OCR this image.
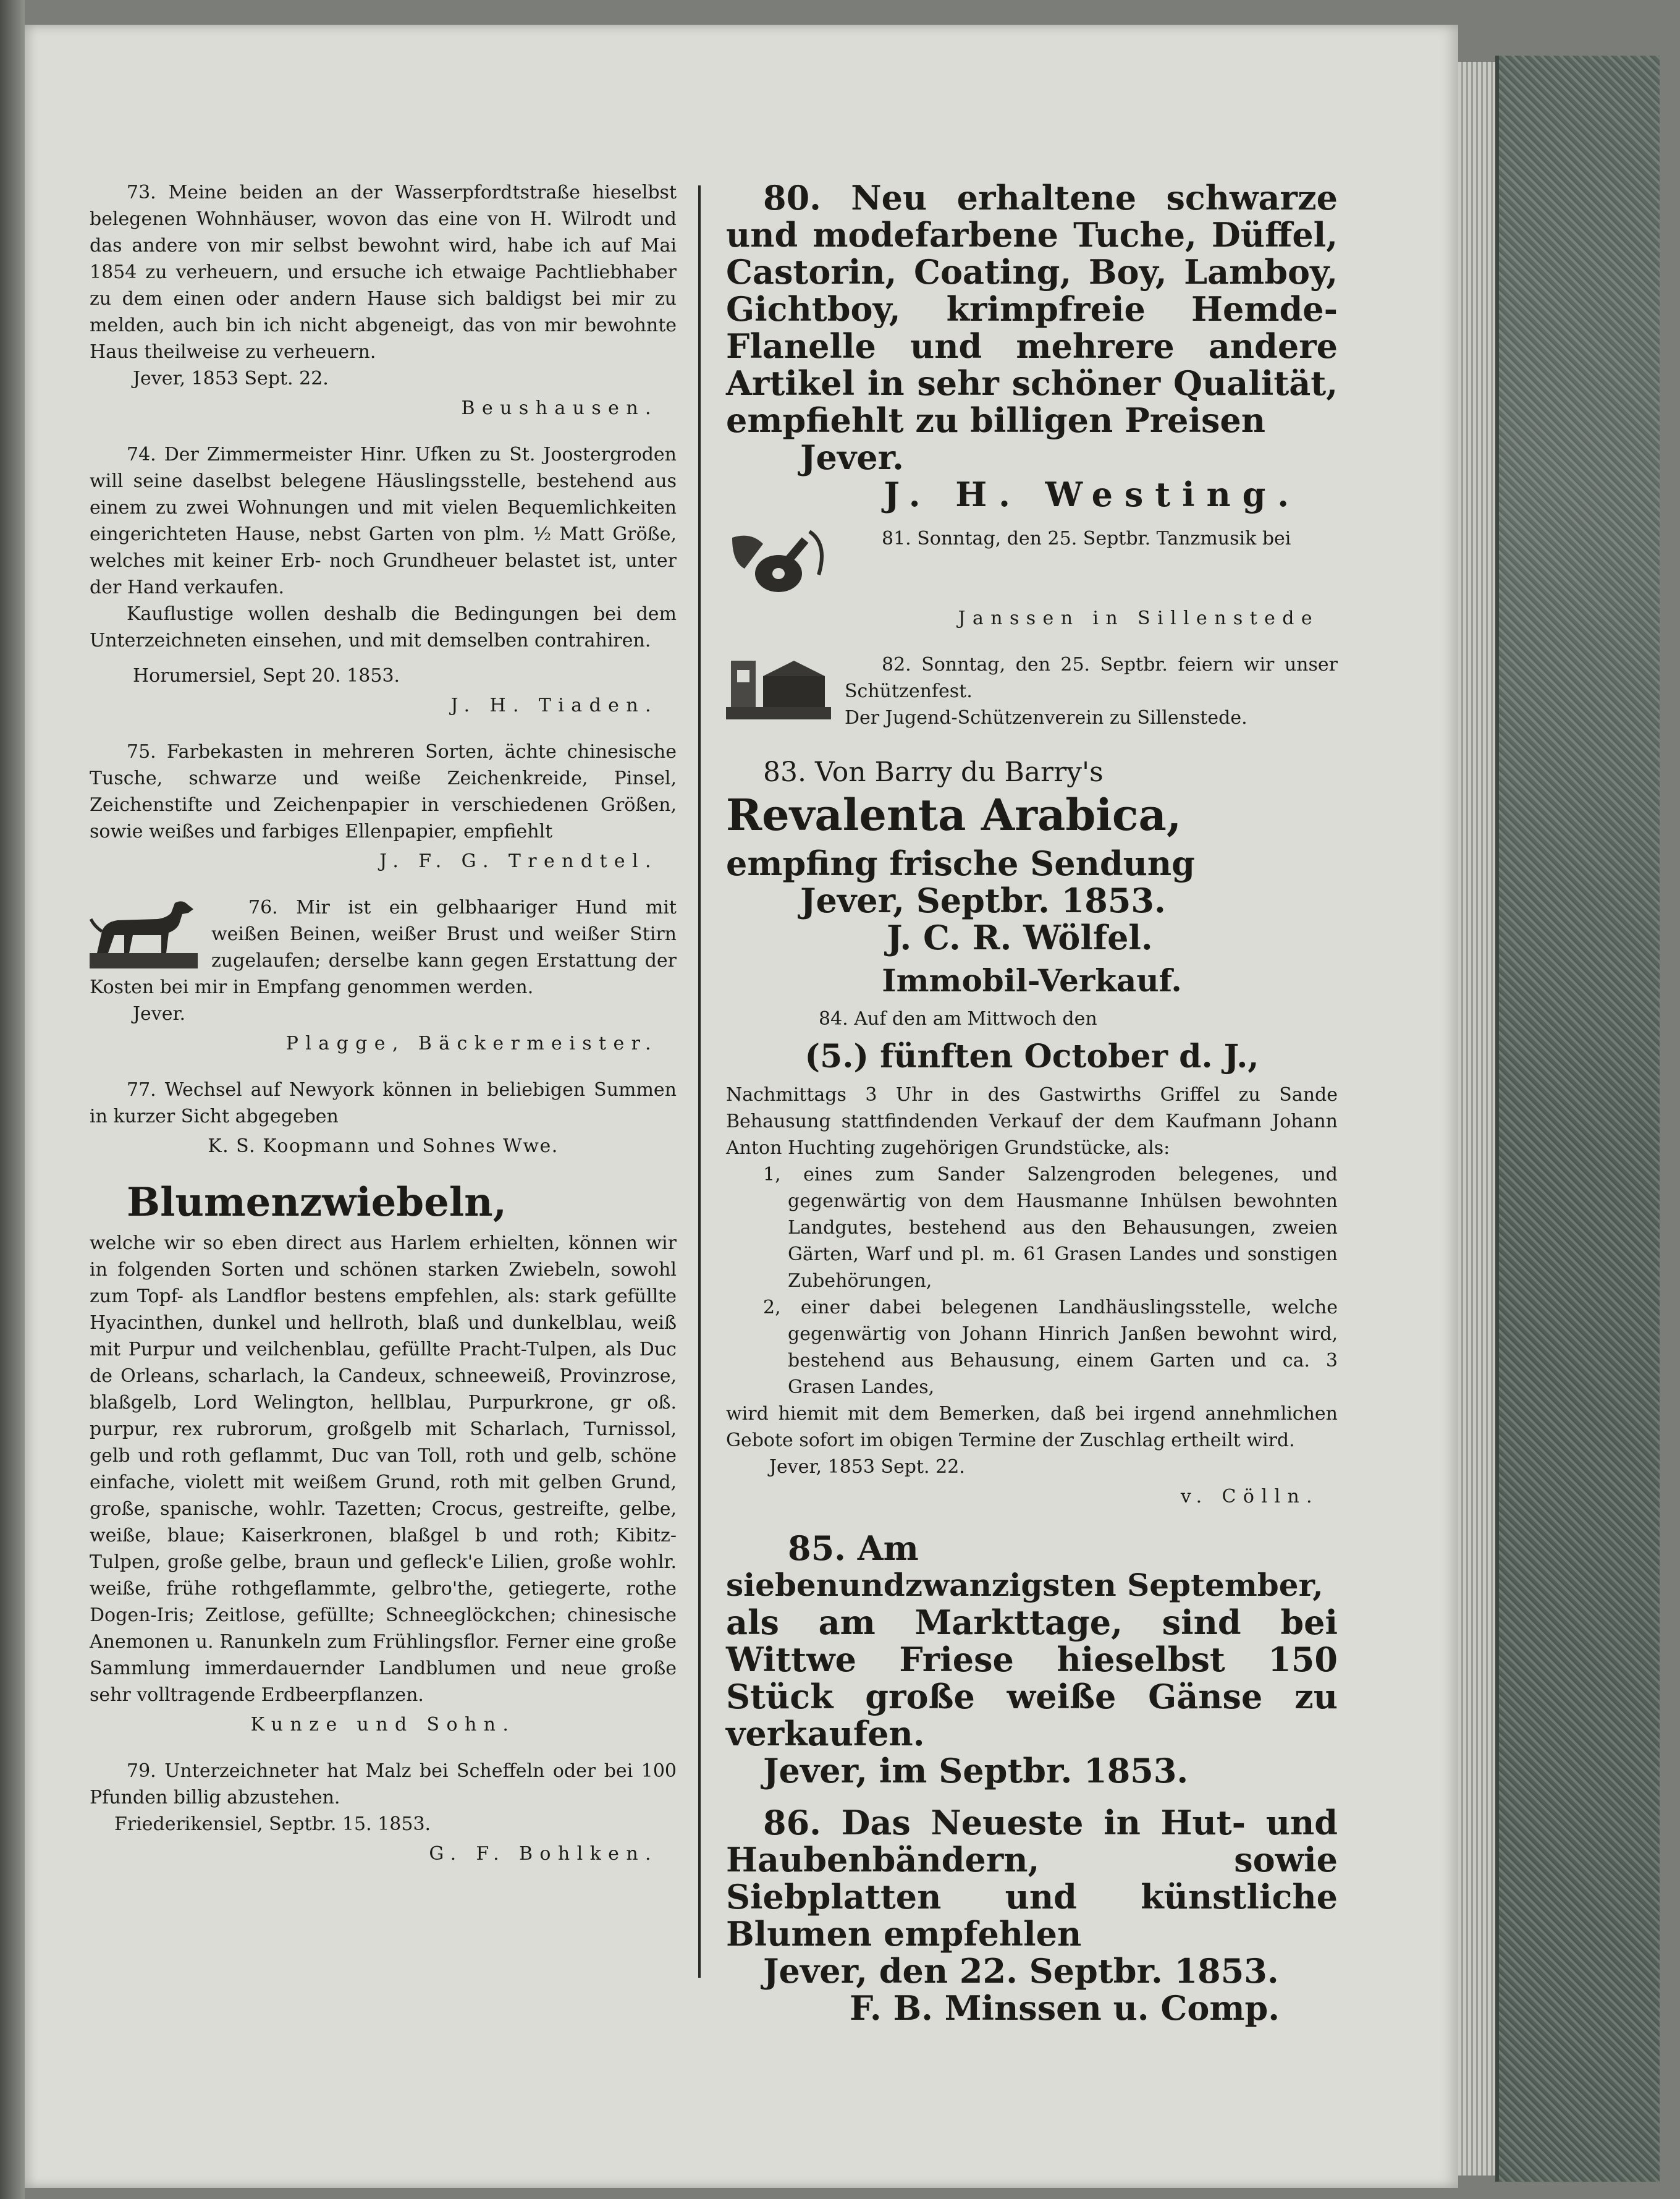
73. Meine beiden an der Wasserpfordtstraße hieselbst belegenen Wohnhäuser, wovon das eine von H. Wilrodt und das andere von mir selbst bewohnt wird, habe ich auf Mai 1854 zu verheuern, und ersuche ich etwaige Pachtliebhaber zu dem einen oder andern Hause sich baldigst bei mir zu melden, auch bin ich nicht abgeneigt, das von mir bewohnte Haus theilweise zu verheuern.

Jever, 1853 Sept. 22.

Beushausen.

74. Der Zimmermeister Hinr. Ufken zu St. Joostergroden will seine daselbst belegene Häuslingsstelle, bestehend aus einem zu zwei Wohnungen und mit vielen Bequemlichkeiten eingerichteten Hause, nebst Garten von plm. ½ Matt Größe, welches mit keiner Erb- noch Grundheuer belastet ist, unter der Hand verkaufen.

Kauflustige wollen deshalb die Bedingungen bei dem Unterzeichneten einsehen, und mit demselben contrahiren.

Horumersiel, Sept 20. 1853.

J. H. Tiaden.

75. Farbekasten in mehreren Sorten, ächte chinesische Tusche, schwarze und weiße Zeichenkreide, Pinsel, Zeichenstifte und Zeichenpapier in verschiedenen Größen, sowie weißes und farbiges Ellenpapier, empfiehlt

J. F. G. Trendtel.

76. Mir ist ein gelbhaariger Hund mit weißen Beinen, weißer Brust und weißer Stirn zugelaufen; derselbe kann gegen Erstattung der Kosten bei mir in Empfang genommen werden.

Jever.

Plagge, Bäckermeister.

77. Wechsel auf Newyork können in beliebigen Summen in kurzer Sicht abgegeben

K. S. Koopmann und Sohnes Wwe.

Blumenzwiebeln,

welche wir so eben direct aus Harlem erhielten, können wir in folgenden Sorten und schönen starken Zwiebeln, sowohl zum Topf- als Landflor bestens empfehlen, als: stark gefüllte Hyacinthen, dunkel und hellroth, blaß und dunkelblau, weiß mit Purpur und veilchenblau, gefüllte Pracht-Tulpen, als Duc de Orleans, scharlach, la Candeux, schneeweiß, Provinzrose, blaßgelb, Lord Welington, hellblau, Purpurkrone, gr oß. purpur, rex rubrorum, großgelb mit Scharlach, Turnissol, gelb und roth geflammt, Duc van Toll, roth und gelb, schöne einfache, violett mit weißem Grund, roth mit gelben Grund, große, spanische, wohlr. Tazetten; Crocus, gestreifte, gelbe, weiße, blaue; Kaiserkronen, blaßgel b und roth; Kibitz-Tulpen, große gelbe, braun und gefleck'e Lilien, große wohlr. weiße, frühe rothgeflammte, gelbro'the, getiegerte, rothe Dogen-Iris; Zeitlose, gefüllte; Schneeglöckchen; chinesische Anemonen u. Ranunkeln zum Frühlingsflor. Ferner eine große Sammlung immerdauernder Landblumen und neue große sehr volltragende Erdbeerpflanzen.

Kunze und Sohn.

79. Unterzeichneter hat Malz bei Scheffeln oder bei 100 Pfunden billig abzustehen.

Friederikensiel, Septbr. 15. 1853.

G. F. Bohlken.

80. Neu erhaltene schwarze und modefarbene Tuche, Düffel, Castorin, Coating, Boy, Lamboy, Gichtboy, krimpfreie Hemde-Flanelle und mehrere andere Artikel in sehr schöner Qualität, empfiehlt zu billigen Preisen

Jever.

J. H. Westing.

81. Sonntag, den 25. Septbr. Tanzmusik bei

Janssen in Sillenstede

82. Sonntag, den 25. Septbr. feiern wir unser Schützenfest.

Der Jugend-Schützenverein zu Sillenstede.

83. Von Barry du Barry's

Revalenta Arabica,

empfing frische Sendung

Jever, Septbr. 1853.

J. C. R. Wölfel.

Immobil-Verkauf.

84. Auf den am Mittwoch den

(5.) fünften October d. J.,

Nachmittags 3 Uhr in des Gastwirths Griffel zu Sande Behausung stattfindenden Verkauf der dem Kaufmann Johann Anton Huchting zugehörigen Grundstücke, als:

1, eines zum Sander Salzengroden belegenes, und gegenwärtig von dem Hausmanne Inhülsen bewohnten Landgutes, bestehend aus den Behausungen, zweien Gärten, Warf und pl. m. 61 Grasen Landes und sonstigen Zubehörungen,

2, einer dabei belegenen Landhäuslingsstelle, welche gegenwärtig von Johann Hinrich Janßen bewohnt wird, bestehend aus Behausung, einem Garten und ca. 3 Grasen Landes,

wird hiemit mit dem Bemerken, daß bei irgend annehmlichen Gebote sofort im obigen Termine der Zuschlag ertheilt wird.

Jever, 1853 Sept. 22.

v. Cölln.

85. Am

siebenundzwanzigsten September,

als am Markttage, sind bei Wittwe Friese hieselbst 150 Stück große weiße Gänse zu verkaufen.

Jever, im Septbr. 1853.

86. Das Neueste in Hut- und Haubenbändern, sowie Siebplatten und künstliche Blumen empfehlen

Jever, den 22. Septbr. 1853.

F. B. Minssen u. Comp.
